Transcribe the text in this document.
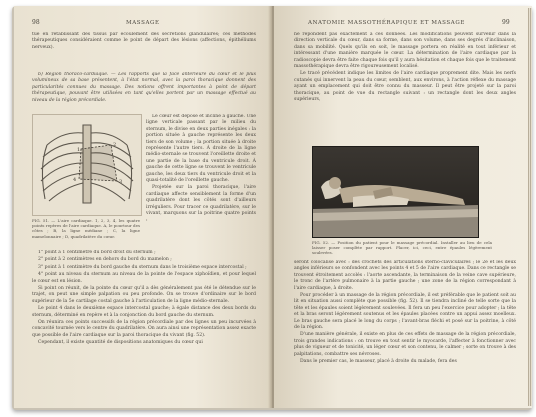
98	MASSAGE

tué en rétablissant des tissus par écoulement des sécrétions glandulaires; ces méthodes thérapeutiques considéraient comme le point de départ des lésions (affections, épithéliums nerveux).

b) Région thoraco-cardiaque. — Les rapports que la face antérieure du cœur et le plus volumineux de sa base présentent, à l'état normal, avec la paroi thoracique donnent des particularités connues du massage. Des notions offrent importantes à point de départ thérapeutique, pouvant être utilisées en tant qu'elles portent par un massage effectué au niveau de la région précordiale.

1
2
3
4
FIG. 51. — L'aire cardiaque. 1, 2, 3, 4, les quatre points repères de l'aire cardiaque. A, le pourtour des côtes ; B, la ligne médiane ; C, la ligne mamelonnaire ; D, quadrilatère du cœur.

Le cœur est déposé et incliné à gauche. Une ligne verticale passant par le milieu du sternum, le divise en deux parties inégales : la portion située à gauche représente les deux tiers de son volume ; la portion située à droite représente l'autre tiers. À droite de la ligne médio-sternale se trouvent l'oreillette droite et une partie de la base du ventricule droit. À gauche de cette ligne se trouvent le ventricule gauche, les deux tiers du ventricule droit et la quasi-totalité de l'oreillette gauche.

Projetée sur la paroi thoracique, l'aire cardiaque affecte sensiblement la forme d'un quadrilatère dont les côtés sont d'ailleurs irréguliers. Pour tracer ce quadrilatère, sur le vivant, marquons sur la poitrine quatre points :

1° point à 1 centimètre du bord droit du sternum ;

2° point à 2 centimètres en dehors du bord du mamelon ;

3° point à 1 centimètre du bord gauche du sternum dans le troisième espace intercostal ;

4° point au niveau du sternum au niveau de la pointe de l'espace xiphoïdien, et pour lequel le cœur est en lésion.

Si point on réunit, de la pointe du cœur qu'il a dès généralement pas été le détendue sur le trajet, on peut une simple palpation ou peu profonde. On se trouve d'ordinaire sur le bord supérieur de la 5e cartilage costal gauche à l'articulation de la ligne médio-sternale.

Le point 4 dans le deuxième espace intercostal gauche; à égale distance des deux bords du sternum, déterminé en repère et à la conjonction du bord gauche du sternum.

On réunira ces points successifs de la région précordiale par des lignes un peu incurvées à concavité tournée vers le centre du quadrilatère. On aura ainsi une représentation assez exacte que possible de l'aire cardiaque sur la paroi thoracique du vivant (fig. 52).

Cependant, il existe quantité de dispositions anatomiques du cœur qui

ANATOMIE MASSOTHÉRAPIQUE ET MASSAGE	99

ne répondent pas exactement à ces données. Les modifications peuvent survenir dans la direction verticale du cœur, dans sa forme, dans son volume, dans ses degrés d'inclinaison, dans sa mobilité. Quels qu'ils en soit, le massage portera en réalité en tout inférieur et intéressant d'une manière marquée le cœur. La détermination de l'aire cardiaque par la radioscopie devra être faite chaque fois qu'il y aura hésitation et chaque fois que le traitement massothérapique devra être rigoureusement localisé.

Le tracé précédent indique les limites de l'aire cardiaque proprement dite. Mais les nerfs cutanés qui innervent la peau du cœur, semblent, aux environs, à l'action réflexe du massage ayant un emplacement qui doit être connu du masseur. Il peut être projeté sur la paroi thoracique, au point de vue du rectangle suivant : un rectangle dont les deux angles supérieurs,

FIG. 52. — Position du patient pour le massage précordial. Installer au lieu de cela laisser poser complète par rapport. Placer, ici, ceci, entre épaules légèrement soulevées.

seront colocalisé avec : des crochets des articulations sterno-claviculaires ; le 2e et les deux angles inférieurs se confondent avec les points 4 et 5 de l'aire cardiaque. Dans ce rectangle se trouvent étroitement accolés : l'aorte ascendante, la terminaison de la veine cave supérieure, le tronc de l'artère pulmonaire à la partie gauche ; une zone de la région correspondant à l'aire cardiaque, à droite.

Pour procéder à un massage de la région précordiale, il est préférable que le patient soit au lit en situation aussi complète que possible (fig. 52). Il se tiendra incliné de telle sorte que la tête et les épaules soient légèrement soulevées. Il fera un peu l'exercice pour adopter ; la tête et la bras seront légèrement soutenus et les épaules placées contre un appui assez moelleux. Le bras gauche sera placé le long du corps ; l'avant-bras fléchi et posé sur la poitrine, à côté de la région.

D'une manière générale, il existe en plus de ces effets de massage de la région précordiale, trois grandes indications : on trouve en tout sentir le myocarde, l'affecter à fonctionner avec plus de vigueur et de tonicité, un léger cœur et son contenu, le calmer ; sorte on trouve à des palpitations, combattre ses névroses.

Dans le premier cas, le masseur, placé à droite du malade, fera des
